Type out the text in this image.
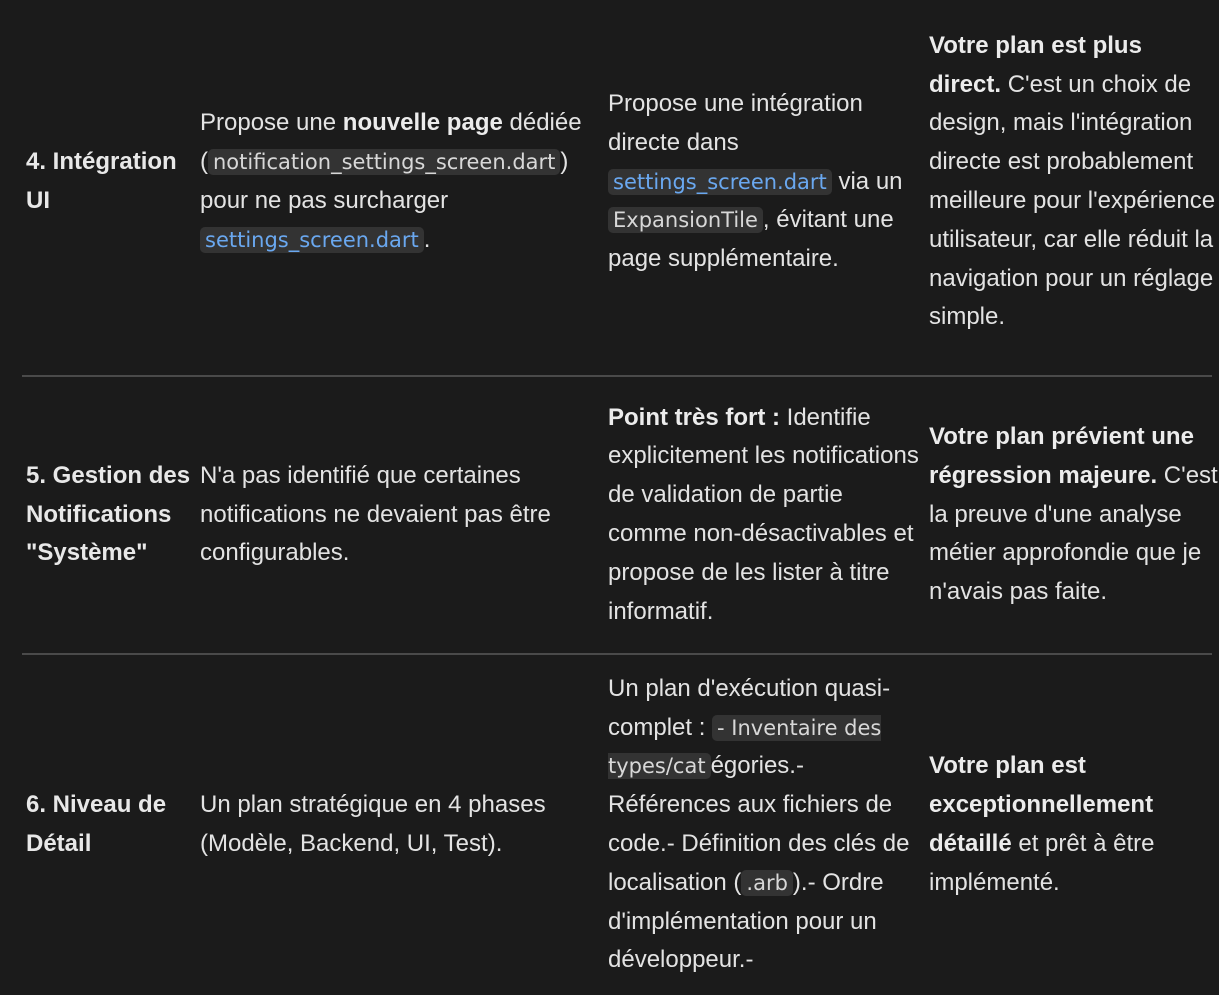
4. Intégration UI
Propose une nouvelle page dédiée ( notification_settings_screen.dart ) pour ne pas surcharger settings_screen.dart .
Propose une intégration directe dans settings_screen.dart via un ExpansionTile , évitant une page supplémentaire.
Votre plan est plus direct. C'est un choix de design, mais l'intégration directe est probablement meilleure pour l'expérience utilisateur, car elle réduit la navigation pour un réglage simple.
5. Gestion des Notifications "Système"
N'a pas identifié que certaines notifications ne devaient pas être configurables.
Point très fort : Identifie explicitement les notifications de validation de partie comme non-désactivables et propose de les lister à titre informatif.
Votre plan prévient une régression majeure. C'est la preuve d'une analyse métier approfondie que je n'avais pas faite.
6. Niveau de Détail
Un plan stratégique en 4 phases (Modèle, Backend, UI, Test).
Un plan d'exécution quasi-complet : - Inventaire des types/cat égories.- Références aux fichiers de code.- Définition des clés de localisation ( .arb ).- Ordre d'implémentation pour un développeur.-
Votre plan est exceptionnellement détaillé et prêt à être implémenté.
